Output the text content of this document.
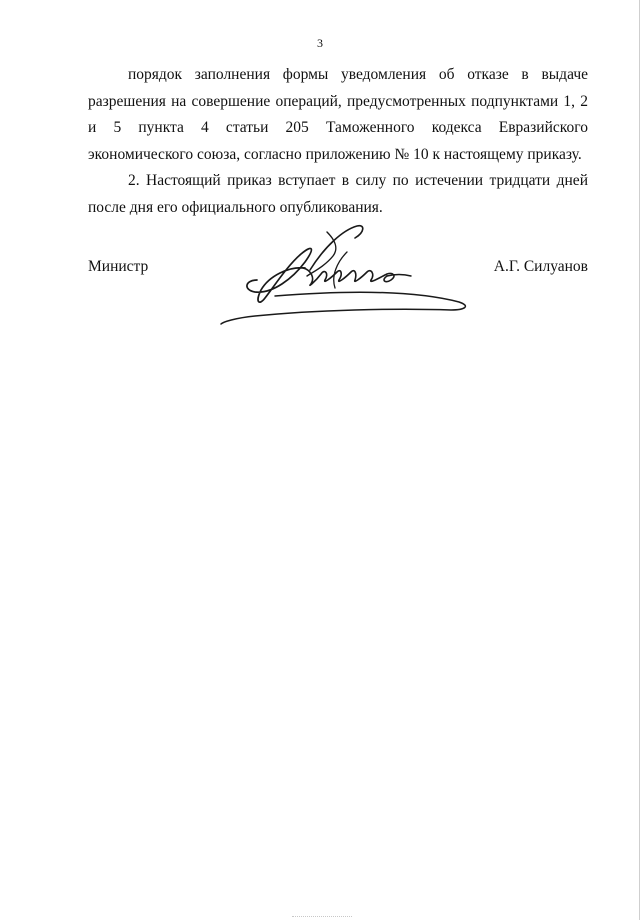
3

порядок заполнения формы уведомления об отказе в выдаче разрешения на совершение операций, предусмотренных подпунктами 1, 2 и 5 пункта 4 статьи 205 Таможенного кодекса Евразийского экономического союза, согласно приложению № 10 к настоящему приказу.

2. Настоящий приказ вступает в силу по истечении тридцати дней после дня его официального опубликования.

Министр	А.Г. Силуанов
